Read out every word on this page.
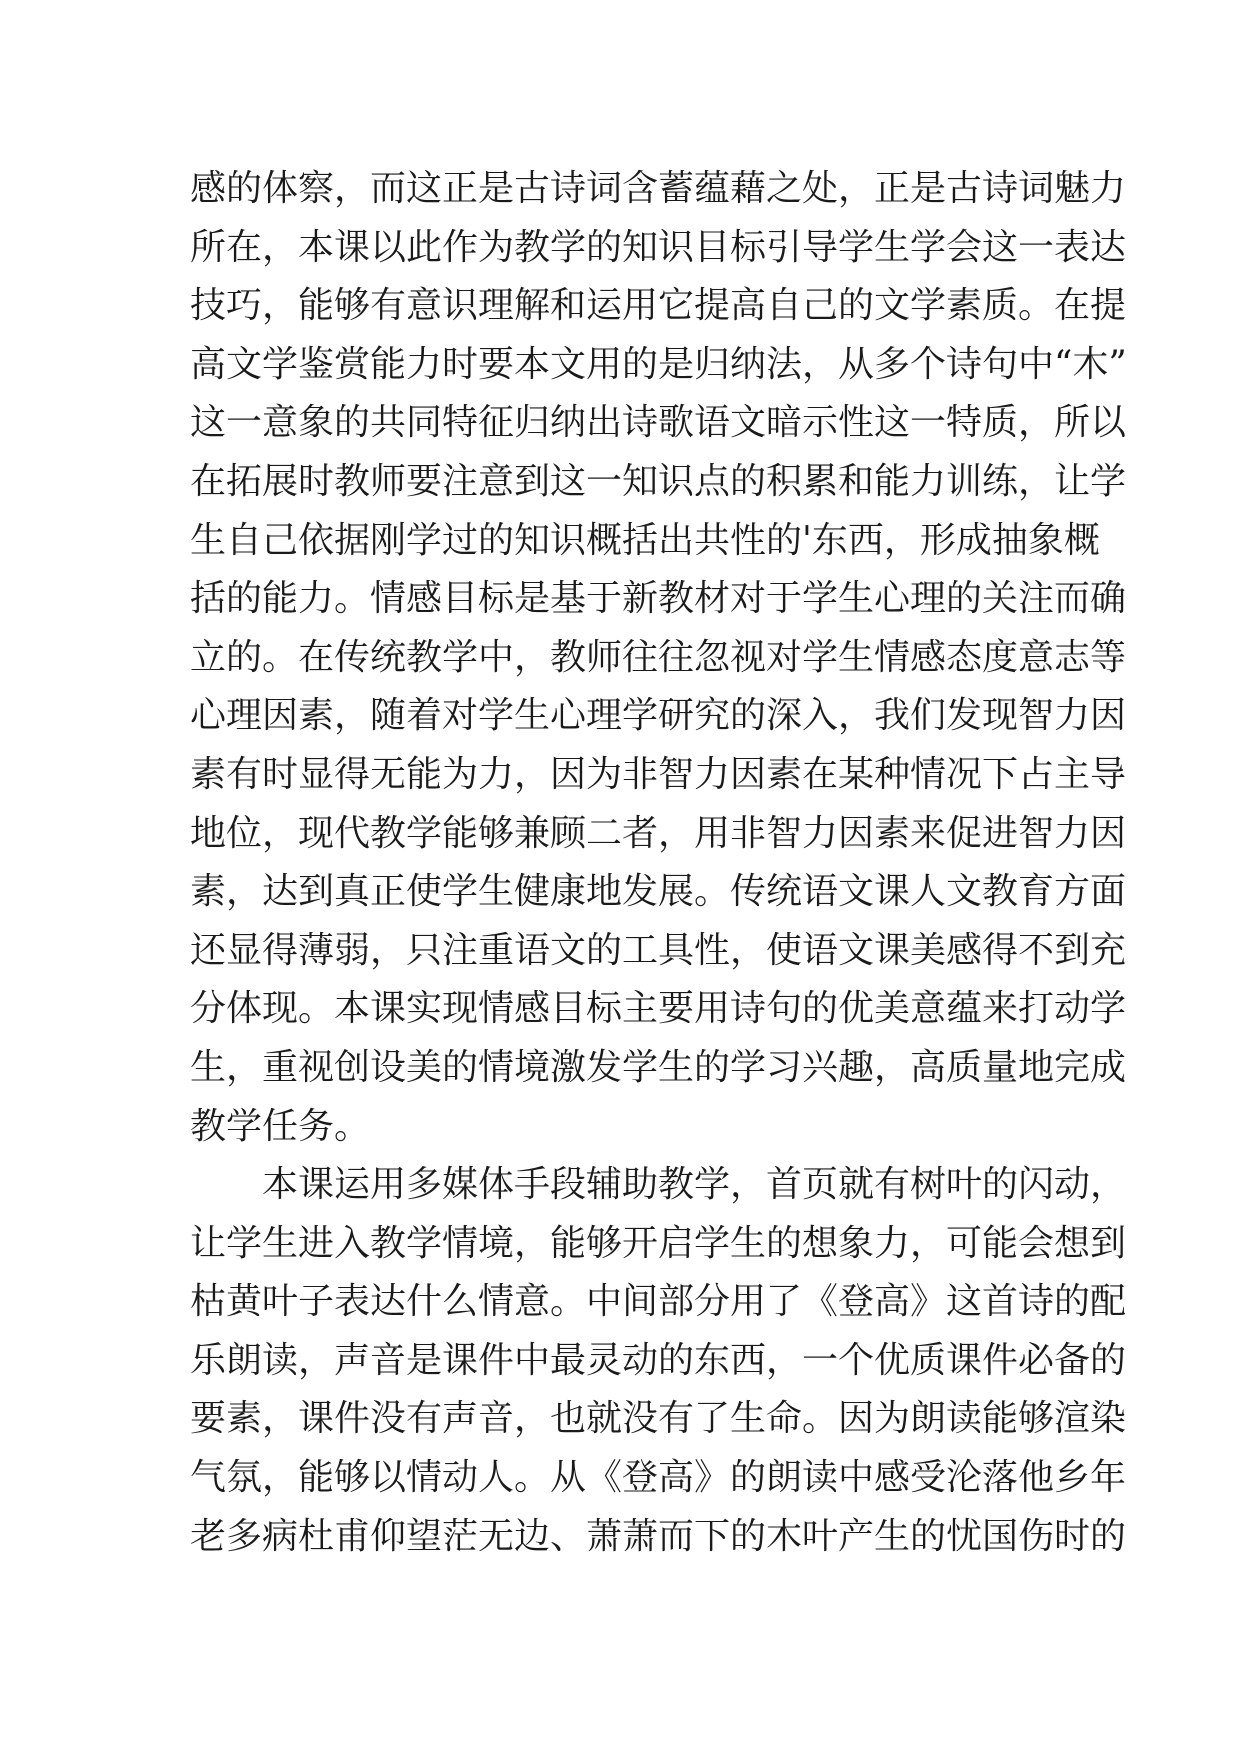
感的体察，而这正是古诗词含蓄蕴藉之处，正是古诗词魅力
所在，本课以此作为教学的知识目标引导学生学会这一表达
技巧，能够有意识理解和运用它提高自己的文学素质。在提
高文学鉴赏能力时要本文用的是归纳法，从多个诗句中“木”
这一意象的共同特征归纳出诗歌语文暗示性这一特质，所以
在拓展时教师要注意到这一知识点的积累和能力训练，让学
生自己依据刚学过的知识概括出共性的'东西，形成抽象概
括的能力。情感目标是基于新教材对于学生心理的关注而确
立的。在传统教学中，教师往往忽视对学生情感态度意志等
心理因素，随着对学生心理学研究的深入，我们发现智力因
素有时显得无能为力，因为非智力因素在某种情况下占主导
地位，现代教学能够兼顾二者，用非智力因素来促进智力因
素，达到真正使学生健康地发展。传统语文课人文教育方面
还显得薄弱，只注重语文的工具性，使语文课美感得不到充
分体现。本课实现情感目标主要用诗句的优美意蕴来打动学
生，重视创设美的情境激发学生的学习兴趣，高质量地完成
教学任务。
本课运用多媒体手段辅助教学，首页就有树叶的闪动，
让学生进入教学情境，能够开启学生的想象力，可能会想到
枯黄叶子表达什么情意。中间部分用了《登高》这首诗的配
乐朗读，声音是课件中最灵动的东西，一个优质课件必备的
要素，课件没有声音，也就没有了生命。因为朗读能够渲染
气氛，能够以情动人。从《登高》的朗读中感受沦落他乡年
老多病杜甫仰望茫无边、萧萧而下的木叶产生的忧国伤时的
